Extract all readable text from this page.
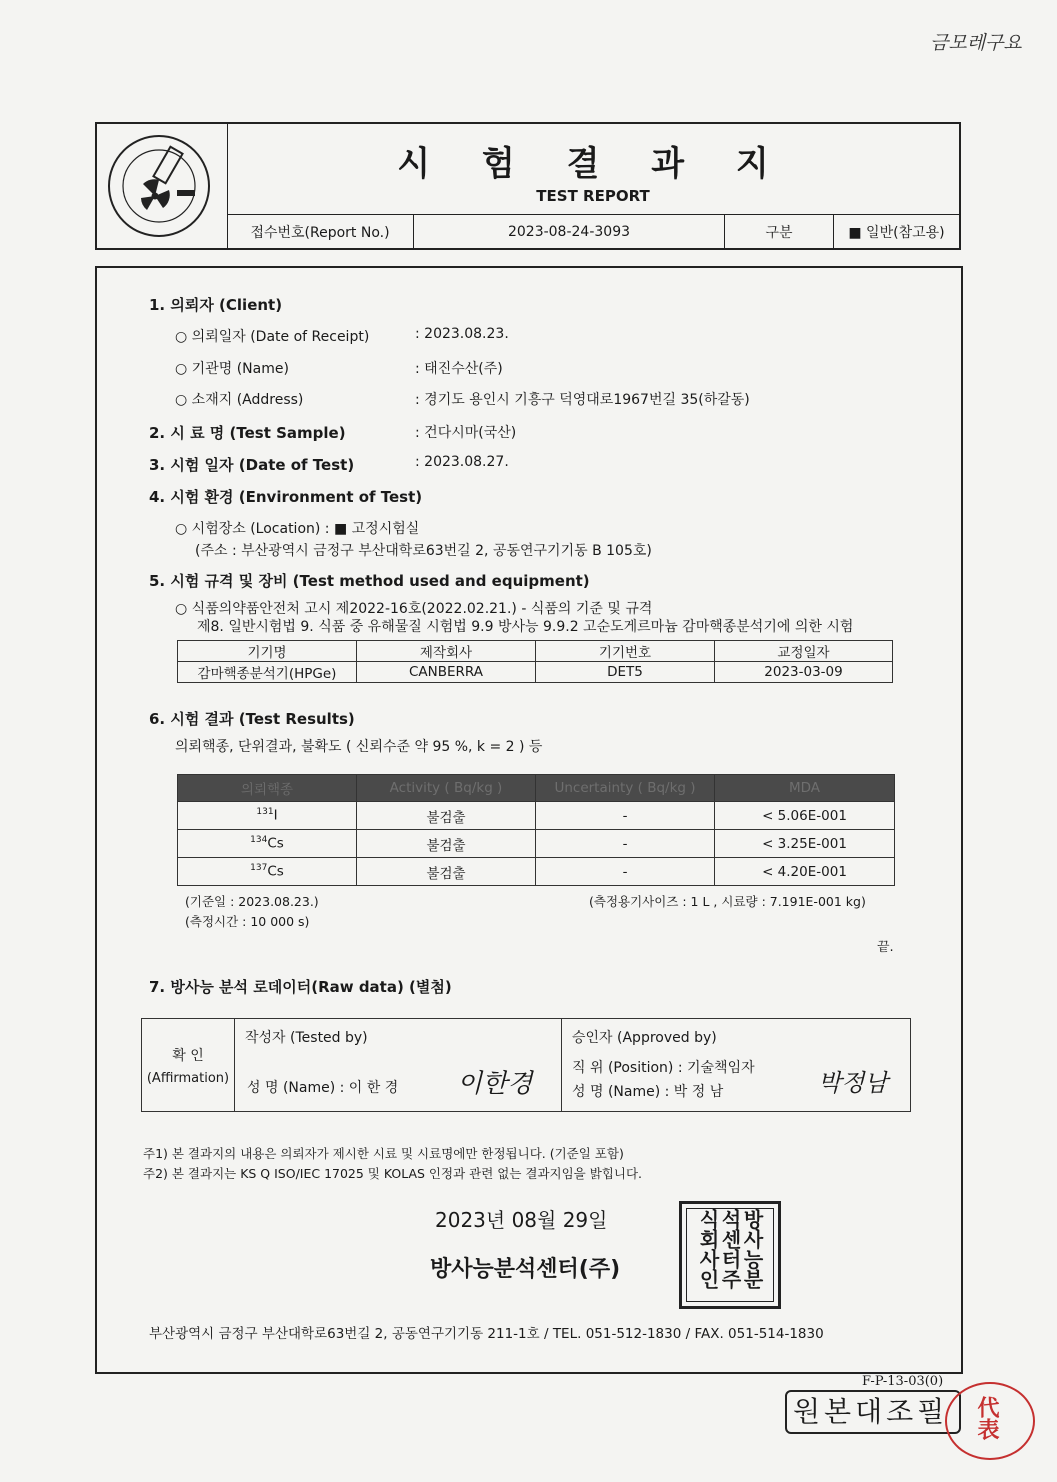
금모레구요
시 험 결 과 지
TEST REPORT
접수번호(Report No.)	2023-08-24-3093	구분	■ 일반(참고용)
1. 의뢰자 (Client)
○ 의뢰일자 (Date of Receipt)	: 2023.08.23.
○ 기관명 (Name)	: 태진수산(주)
○ 소재지 (Address)	: 경기도 용인시 기흥구 덕영대로1967번길 35(하갈동)
2. 시 료 명 (Test Sample)	: 건다시마(국산)
3. 시험 일자 (Date of Test)	: 2023.08.27.
4. 시험 환경 (Environment of Test)
○ 시험장소 (Location) : ■ 고정시험실
(주소 : 부산광역시 금정구 부산대학로63번길 2, 공동연구기기동 B 105호)
5. 시험 규격 및 장비 (Test method used and equipment)
○ 식품의약품안전처 고시 제2022-16호(2022.02.21.) - 식품의 기준 및 규격
제8. 일반시험법 9. 식품 중 유해물질 시험법 9.9 방사능 9.9.2 고순도게르마늄 감마핵종분석기에 의한 시험
기기명	제작회사	기기번호	교정일자
감마핵종분석기(HPGe)	CANBERRA	DET5	2023-03-09
6. 시험 결과 (Test Results)
의뢰핵종, 단위결과, 불확도 ( 신뢰수준 약 95 %, k = 2 ) 등
의뢰핵종	Activity ( Bq/kg )	Uncertainty ( Bq/kg )	MDA
$^{131}$I	불검출	-	< 5.06E-001
$^{134}$Cs	불검출	-	< 3.25E-001
$^{137}$Cs	불검출	-	< 4.20E-001
(기준일 : 2023.08.23.)
(측정시간 : 10 000 s)
(측정용기사이즈 : 1 L , 시료량 : 7.191E-001 kg)
끝.
7. 방사능 분석 로데이터(Raw data) (별첨)
확 인
(Affirmation)

작성자 (Tested by)
성 명 (Name) : 이 한 경 이한경

승인자 (Approved by)
직 위 (Position) : 기술책임자
성 명 (Name) : 박 정 남	박정남
주1) 본 결과지의 내용은 의뢰자가 제시한 시료 및 시료명에만 한정됩니다. (기준일 포함)
주2) 본 결과지는 KS Q ISO/IEC 17025 및 KOLAS 인정과 관련 없는 결과지임을 밝힙니다.
2023년 08월 29일
방사능분석센터(주)	방사능분석센터주식회사인
부산광역시 금정구 부산대학로63번길 2, 공동연구기기동 211-1호 / TEL. 051-512-1830 / FAX. 051-514-1830
F-P-13-03(0)
원본대조필	代表
